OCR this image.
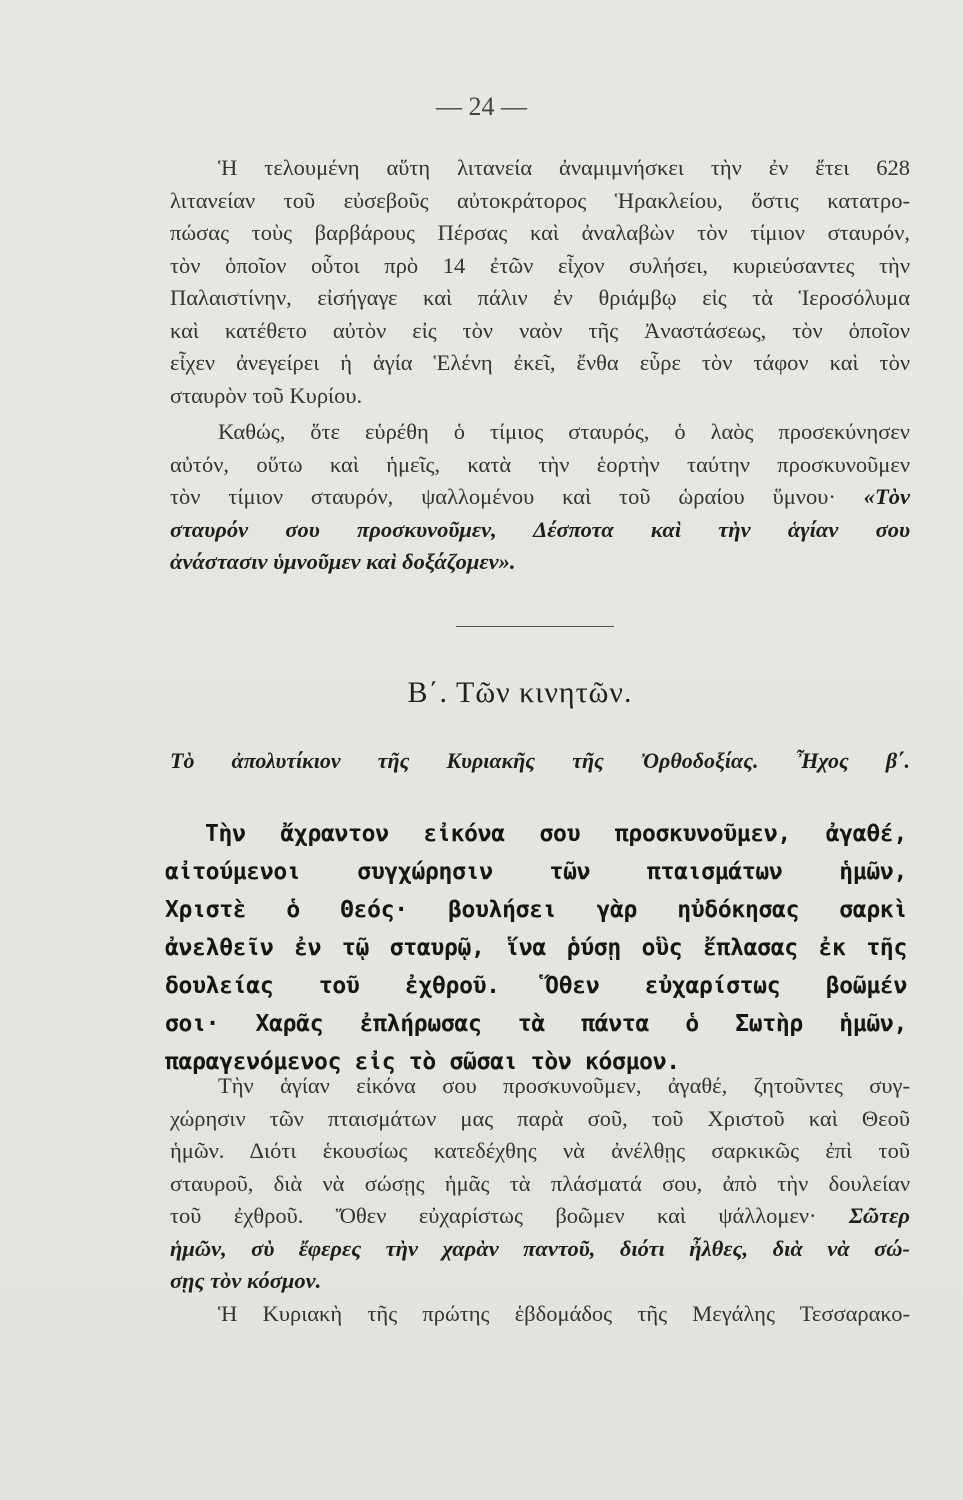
— 24 —
Ἡ τελουμένη αὕτη λιτανεία ἀναμιμνήσκει τὴν ἐν ἔτει 628
λιτανείαν τοῦ εὐσεβοῦς αὐτοκράτορος Ἡρακλείου, ὅστις κατατρο-
πώσας τοὺς βαρβάρους Πέρσας καὶ ἀναλαβὼν τὸν τίμιον σταυρόν,
τὸν ὁποῖον οὗτοι πρὸ 14 ἐτῶν εἶχον συλήσει, κυριεύσαντες τὴν
Παλαιστίνην, εἰσήγαγε καὶ πάλιν ἐν θριάμβῳ εἰς τὰ Ἱεροσόλυμα
καὶ κατέθετο αὐτὸν εἰς τὸν ναὸν τῆς Ἀναστάσεως, τὸν ὁποῖον
εἶχεν ἀνεγείρει ἡ ἁγία Ἑλένη ἐκεῖ, ἔνθα εὗρε τὸν τάφον καὶ τὸν
σταυρὸν τοῦ Κυρίου.
Καθώς, ὅτε εὑρέθη ὁ τίμιος σταυρός, ὁ λαὸς προσεκύνησεν
αὐτόν, οὕτω καὶ ἡμεῖς, κατὰ τὴν ἑορτὴν ταύτην προσκυνοῦμεν
τὸν τίμιον σταυρόν, ψαλλομένου καὶ τοῦ ὡραίου ὕμνου· «Τὸν
σταυρόν σου προσκυνοῦμεν, Δέσποτα καὶ τὴν ἁγίαν σου
ἀνάστασιν ὑμνοῦμεν καὶ δοξάζομεν».
Β΄. Τῶν κινητῶν.
Τὸ ἀπολυτίκιον τῆς Κυριακῆς τῆς Ὀρθοδοξίας. Ἦχος β΄.
Τὴν ἄχραντον εἰκόνα σου προσκυνοῦμεν, ἀγαθέ,
αἰτούμενοι συγχώρησιν τῶν πταισμάτων ἡμῶν,
Χριστὲ ὁ Θεός· βουλήσει γὰρ ηὐδόκησας σαρκὶ
ἀνελθεῖν ἐν τῷ σταυρῷ, ἵνα ῥύσῃ οὓς ἔπλασας ἐκ τῆς
δουλείας τοῦ ἐχθροῦ. Ὅθεν εὐχαρίστως βοῶμέν
σοι· Χαρᾶς ἐπλήρωσας τὰ πάντα ὁ Σωτὴρ ἡμῶν,
παραγενόμενος εἰς τὸ σῶσαι τὸν κόσμον.
Τὴν ἁγίαν εἰκόνα σου προσκυνοῦμεν, ἀγαθέ, ζητοῦντες συγ-
χώρησιν τῶν πταισμάτων μας παρὰ σοῦ, τοῦ Χριστοῦ καὶ Θεοῦ
ἡμῶν. Διότι ἑκουσίως κατεδέχθης νὰ ἀνέλθῃς σαρκικῶς ἐπὶ τοῦ
σταυροῦ, διὰ νὰ σώσῃς ἡμᾶς τὰ πλάσματά σου, ἀπὸ τὴν δουλείαν
τοῦ ἐχθροῦ. Ὅθεν εὐχαρίστως βοῶμεν καὶ ψάλλομεν· Σῶτερ
ἡμῶν, σὺ ἔφερες τὴν χαρὰν παντοῦ, διότι ἦλθες, διὰ νὰ σώ-
σῃς τὸν κόσμον.
Ἡ Κυριακὴ τῆς πρώτης ἑβδομάδος τῆς Μεγάλης Τεσσαρακο-
